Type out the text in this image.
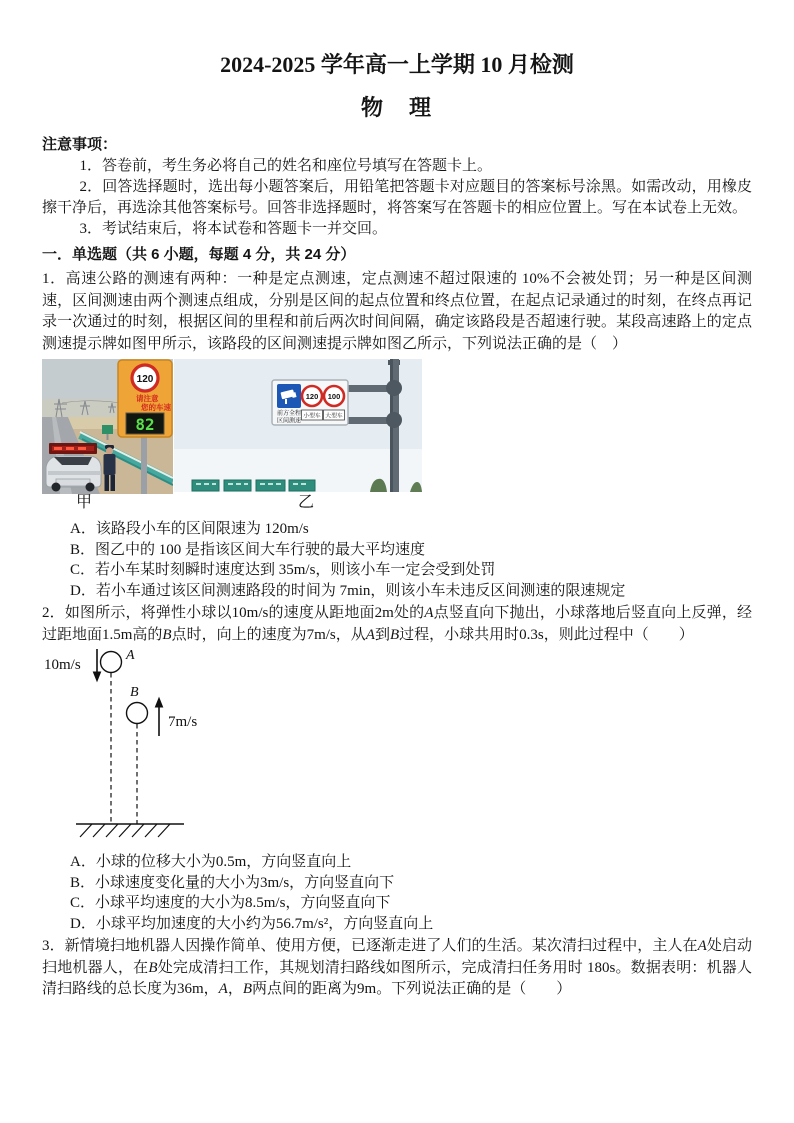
2024-2025 学年高一上学期 10 月检测
物　理
注意事项：

1．答卷前，考生务必将自己的姓名和座位号填写在答题卡上。

2．回答选择题时，选出每小题答案后，用铅笔把答题卡对应题目的答案标号涂黑。如需改动，用橡皮擦干净后，再选涂其他答案标号。回答非选择题时，将答案写在答题卡的相应位置上。写在本试卷上无效。

3．考试结束后，将本试卷和答题卡一并交回。

一．单选题（共 6 小题，每题 4 分，共 24 分）

1．高速公路的测速有两种：一种是定点测速，定点测速不超过限速的 10%不会被处罚；另一种是区间测速，区间测速由两个测速点组成，分别是区间的起点位置和终点位置，在起点记录通过的时刻，在终点再记录一次通过的时刻，根据区间的里程和前后两次时间间隔，确定该路段是否超速行驶。某段高速路上的定点测速提示牌如图甲所示，该路段的区间测速提示牌如图乙所示，下列说法正确的是（　）

120
请注意
您的车速
82
前方全程
区间测速
120 100
小型车 大型车
甲	乙
A．该路段小车的区间限速为 120m/s
B．图乙中的 100 是指该区间大车行驶的最大平均速度
C．若小车某时刻瞬时速度达到 35m/s，则该小车一定会受到处罚
D．若小车通过该区间测速路段的时间为 7min，则该小车未违反区间测速的限速规定

2．如图所示，将弹性小球以10m/s的速度从距地面2m处的A点竖直向下抛出，小球落地后竖直向上反弹，经过距地面1.5m高的B点时，向上的速度为7m/s，从A到B过程，小球共用时0.3s，则此过程中（　　）

10m/s
A
B
7m/s
A．小球的位移大小为0.5m，方向竖直向上
B．小球速度变化量的大小为3m/s，方向竖直向下
C．小球平均速度的大小为8.5m/s，方向竖直向下
D．小球平均加速度的大小约为56.7m/s²，方向竖直向上

3．新情境扫地机器人因操作简单、使用方便，已逐渐走进了人们的生活。某次清扫过程中，主人在A处启动扫地机器人，在B处完成清扫工作，其规划清扫路线如图所示，完成清扫任务用时 180s。数据表明：机器人清扫路线的总长度为36m，A，B两点间的距离为9m。下列说法正确的是（　　）
